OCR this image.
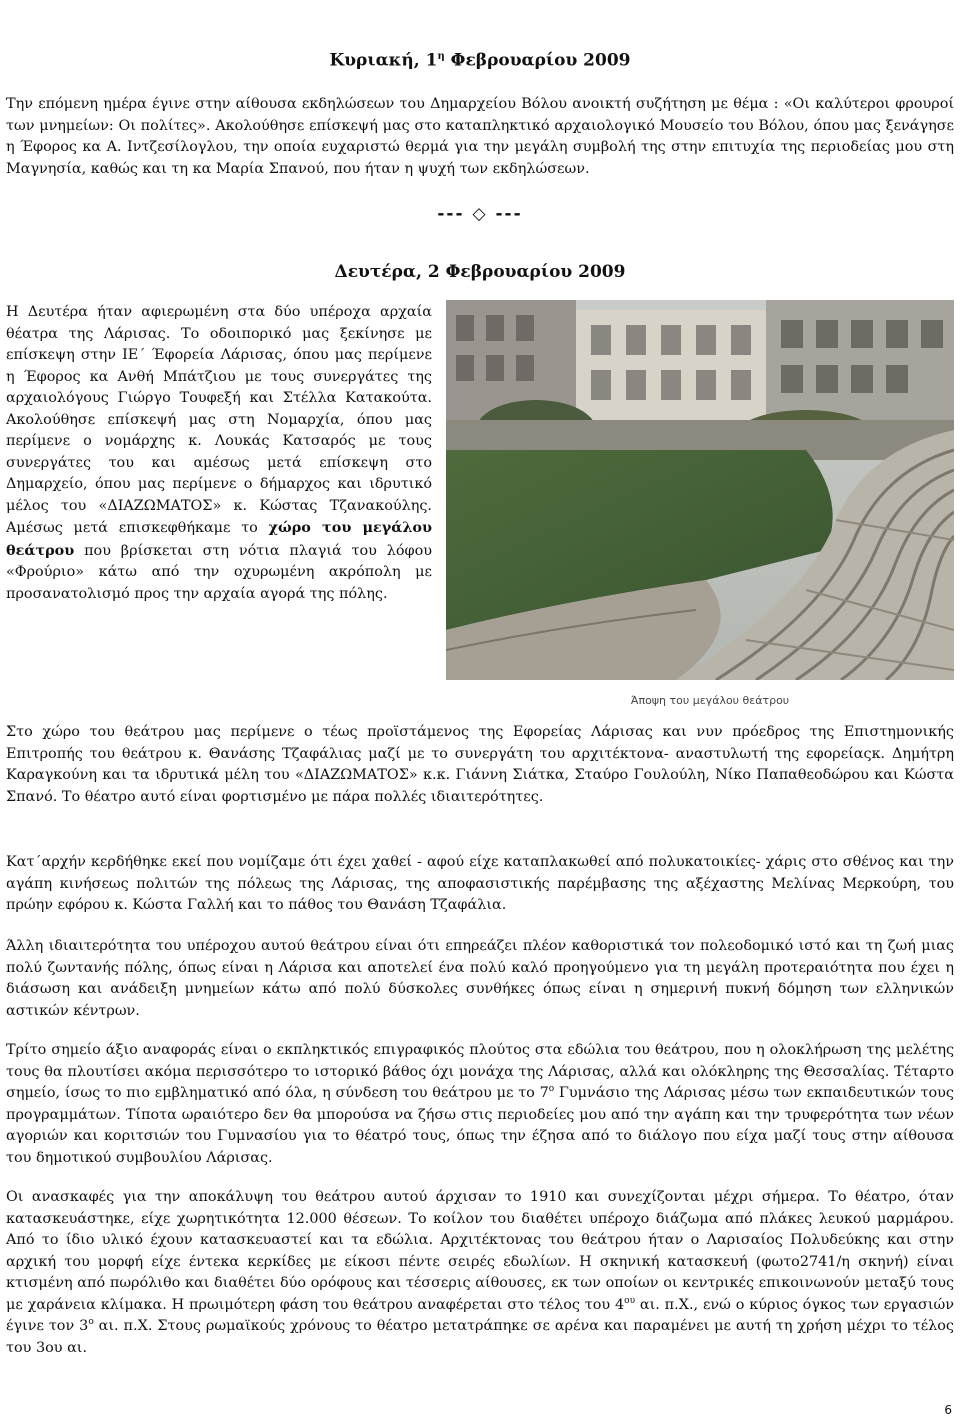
Κυριακή, $1^\eta$ Φεβρουαρίου 2009

Την επόμενη ημέρα έγινε στην αίθουσα εκδηλώσεων του Δημαρχείου Βόλου ανοικτή συζήτηση με θέμα : «Οι καλύτεροι φρουροί των μνημείων: Οι πολίτες». Ακολούθησε επίσκεψή μας στο καταπληκτικό αρχαιολογικό Μουσείο του Βόλου, όπου μας ξενάγησε η Έφορος κα Α. Ιντζεσίλογλου, την οποία ευχαριστώ θερμά για την μεγάλη συμβολή της στην επιτυχία της περιοδείας μου στη Μαγνησία, καθώς και τη κα Μαρία Σπανού, που ήταν η ψυχή των εκδηλώσεων.

--- ◇ ---
Δευτέρα, 2 Φεβρουαρίου 2009

Η Δευτέρα ήταν αφιερωμένη στα δύο υπέροχα αρχαία θέατρα της Λάρισας. Το οδοιπορικό μας ξεκίνησε με επίσκεψη στην ΙΕ΄ Έφορεία Λάρισας, όπου μας περίμενε η Έφορος κα Ανθή Μπάτζιου με τους συνεργάτες της αρχαιολόγους Γιώργο Τουφεξή και Στέλλα Κατακούτα. Ακολούθησε επίσκεψή μας στη Νομαρχία, όπου μας περίμενε ο νομάρχης κ. Λουκάς Κατσαρός με τους συνεργάτες του και αμέσως μετά επίσκεψη στο Δημαρχείο, όπου μας περίμενε ο δήμαρχος και ιδρυτικό μέλος του «ΔΙΑΖΩΜΑΤΟΣ» κ. Κώστας Τζανακούλης. Αμέσως μετά επισκεφθήκαμε το χώρο του μεγάλου θεάτρου που βρίσκεται στη νότια πλαγιά του λόφου «Φρούριο» κάτω από την οχυρωμένη ακρόπολη με προσανατολισμό προς την αρχαία αγορά της πόλης.

Άποψη του μεγάλου θεάτρου

Στο χώρο του θεάτρου μας περίμενε ο τέως προϊστάμενος της Εφορείας Λάρισας και νυν πρόεδρος της Επιστημονικής Επιτροπής του θεάτρου κ. Θανάσης Τζαφάλιας μαζί με το συνεργάτη του αρχιτέκτονα- αναστυλωτή της εφορείαςκ. Δημήτρη Καραγκούνη και τα ιδρυτικά μέλη του «ΔΙΑΖΩΜΑΤΟΣ» κ.κ. Γιάννη Σιάτκα, Σταύρο Γουλούλη, Νίκο Παπαθεοδώρου και Κώστα Σπανό. Το θέατρο αυτό είναι φορτισμένο με πάρα πολλές ιδιαιτερότητες.

Κατ΄αρχήν κερδήθηκε εκεί που νομίζαμε ότι έχει χαθεί - αφού είχε καταπλακωθεί από πολυκατοικίες- χάρις στο σθένος και την αγάπη κινήσεως πολιτών της πόλεως της Λάρισας, της αποφασιστικής παρέμβασης της αξέχαστης Μελίνας Μερκούρη, του πρώην εφόρου κ. Κώστα Γαλλή και το πάθος του Θανάση Τζαφάλια.

Άλλη ιδιαιτερότητα του υπέροχου αυτού θεάτρου είναι ότι επηρεάζει πλέον καθοριστικά τον πολεοδομικό ιστό και τη ζωή μιας πολύ ζωντανής πόλης, όπως είναι η Λάρισα και αποτελεί ένα πολύ καλό προηγούμενο για τη μεγάλη προτεραιότητα που έχει η διάσωση και ανάδειξη μνημείων κάτω από πολύ δύσκολες συνθήκες όπως είναι η σημερινή πυκνή δόμηση των ελληνικών αστικών κέντρων.

Τρίτο σημείο άξιο αναφοράς είναι ο εκπληκτικός επιγραφικός πλούτος στα εδώλια του θεάτρου, που η ολοκλήρωση της μελέτης τους θα πλουτίσει ακόμα περισσότερο το ιστορικό βάθος όχι μονάχα της Λάρισας, αλλά και ολόκληρης της Θεσσαλίας. Τέταρτο σημείο, ίσως το πιο εμβληματικό από όλα, η σύνδεση του θεάτρου με το $7^o$ Γυμνάσιο της Λάρισας μέσω των εκπαιδευτικών τους προγραμμάτων. Τίποτα ωραιότερο δεν θα μπορούσα να ζήσω στις περιοδείες μου από την αγάπη και την τρυφερότητα των νέων αγοριών και κοριτσιών του Γυμνασίου για το θέατρό τους, όπως την έζησα από το διάλογο που είχα μαζί τους στην αίθουσα του δημοτικού συμβουλίου Λάρισας.

Οι ανασκαφές για την αποκάλυψη του θεάτρου αυτού άρχισαν το 1910 και συνεχίζονται μέχρι σήμερα. Το θέατρο, όταν κατασκευάστηκε, είχε χωρητικότητα 12.000 θέσεων. Το κοίλον του διαθέτει υπέροχο διάζωμα από πλάκες λευκού μαρμάρου. Από το ίδιο υλικό έχουν κατασκευαστεί και τα εδώλια. Αρχιτέκτονας του θεάτρου ήταν ο Λαρισαίος Πολυδεύκης και στην αρχική του μορφή είχε έντεκα κερκίδες με είκοσι πέντε σειρές εδωλίων. Η σκηνική κατασκευή (φωτο2741/η σκηνή) είναι κτισμένη από πωρόλιθο και διαθέτει δύο ορόφους και τέσσερις αίθουσες, εκ των οποίων οι κεντρικές επικοινωνούν μεταξύ τους με χαράνεια κλίμακα. Η πρωιμότερη φάση του θεάτρου αναφέρεται στο τέλος του $4^{o\upsilon}$ αι. π.Χ., ενώ ο κύριος όγκος των εργασιών έγινε τον $3^o$ αι. π.Χ. Στους ρωμαϊκούς χρόνους το θέατρο μετατράπηκε σε αρένα και παραμένει με αυτή τη χρήση μέχρι το τέλος του 3ου αι.

6
